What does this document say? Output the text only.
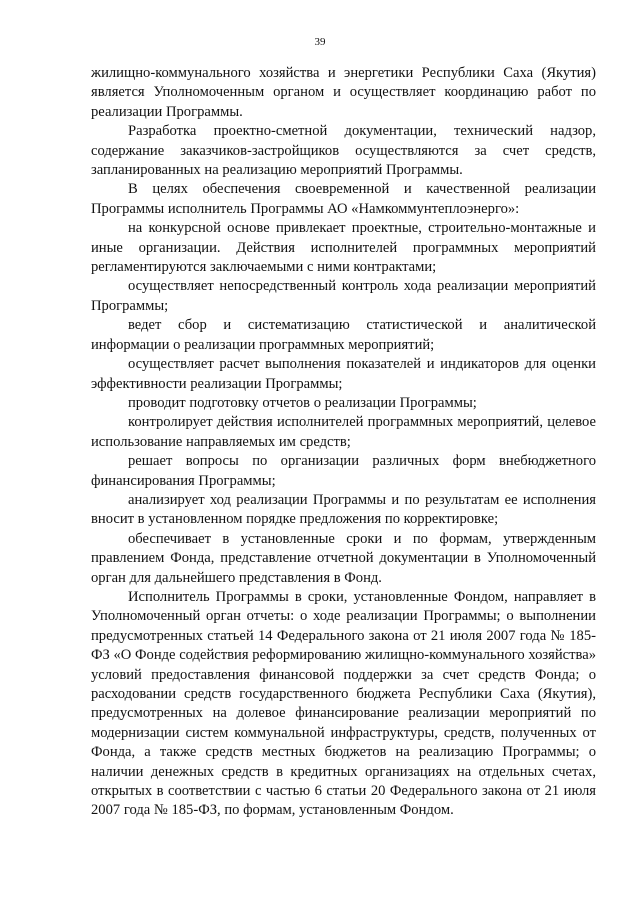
39

жилищно-коммунального хозяйства и энергетики Республики Саха (Якутия) является Уполномоченным органом и осуществляет координацию работ по реализации Программы.

Разработка проектно-сметной документации, технический надзор, содержание заказчиков-застройщиков осуществляются за счет средств, запланированных на реализацию мероприятий Программы.

В целях обеспечения своевременной и качественной реализации Программы исполнитель Программы АО «Намкоммунтеплоэнерго»:

на конкурсной основе привлекает проектные, строительно-монтажные и иные организации. Действия исполнителей программных мероприятий регламентируются заключаемыми с ними контрактами;

осуществляет непосредственный контроль хода реализации мероприятий Программы;

ведет сбор и систематизацию статистической и аналитической информации о реализации программных мероприятий;

осуществляет расчет выполнения показателей и индикаторов для оценки эффективности реализации Программы;

проводит подготовку отчетов о реализации Программы;

контролирует действия исполнителей программных мероприятий, целевое использование направляемых им средств;

решает вопросы по организации различных форм внебюджетного финансирования Программы;

анализирует ход реализации Программы и по результатам ее исполнения вносит в установленном порядке предложения по корректировке;

обеспечивает в установленные сроки и по формам, утвержденным правлением Фонда, представление отчетной документации в Уполномоченный орган для дальнейшего представления в Фонд.

Исполнитель Программы в сроки, установленные Фондом, направляет в Уполномоченный орган отчеты: о ходе реализации Программы; о выполнении предусмотренных статьей 14 Федерального закона от 21 июля 2007 года № 185-ФЗ «О Фонде содействия реформированию жилищно-коммунального хозяйства» условий предоставления финансовой поддержки за счет средств Фонда; о расходовании средств государственного бюджета Республики Саха (Якутия), предусмотренных на долевое финансирование реализации мероприятий по модернизации систем коммунальной инфраструктуры, средств, полученных от Фонда, а также средств местных бюджетов на реализацию Программы; о наличии денежных средств в кредитных организациях на отдельных счетах, открытых в соответствии с частью 6 статьи 20 Федерального закона от 21 июля 2007 года № 185-ФЗ, по формам, установленным Фондом.
